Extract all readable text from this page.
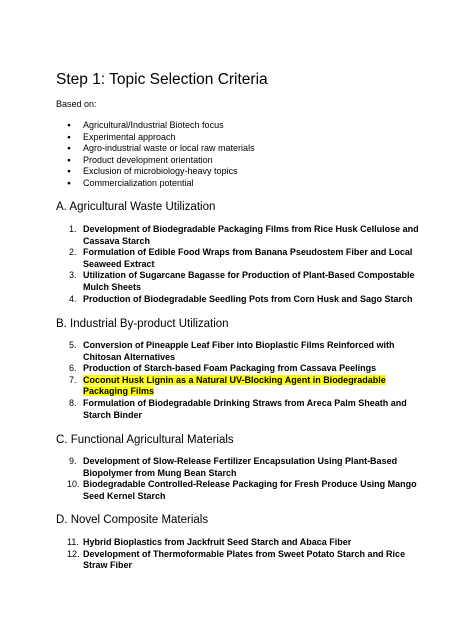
Step 1: Topic Selection Criteria

Based on:

● Agricultural/Industrial Biotech focus
● Experimental approach
● Agro-industrial waste or local raw materials
● Product development orientation
● Exclusion of microbiology-heavy topics
● Commercialization potential
A. Agricultural Waste Utilization
1. Development of Biodegradable Packaging Films from Rice Husk Cellulose and Cassava Starch
2. Formulation of Edible Food Wraps from Banana Pseudostem Fiber and Local Seaweed Extract
3. Utilization of Sugarcane Bagasse for Production of Plant-Based Compostable Mulch Sheets
4. Production of Biodegradable Seedling Pots from Corn Husk and Sago Starch
B. Industrial By-product Utilization
5. Conversion of Pineapple Leaf Fiber into Bioplastic Films Reinforced with Chitosan Alternatives
6. Production of Starch-based Foam Packaging from Cassava Peelings
7. Coconut Husk Lignin as a Natural UV-Blocking Agent in Biodegradable Packaging Films
8. Formulation of Biodegradable Drinking Straws from Areca Palm Sheath and Starch Binder
C. Functional Agricultural Materials
9. Development of Slow-Release Fertilizer Encapsulation Using Plant-Based Biopolymer from Mung Bean Starch
10. Biodegradable Controlled-Release Packaging for Fresh Produce Using Mango Seed Kernel Starch
D. Novel Composite Materials
11. Hybrid Bioplastics from Jackfruit Seed Starch and Abaca Fiber
12. Development of Thermoformable Plates from Sweet Potato Starch and Rice Straw Fiber
